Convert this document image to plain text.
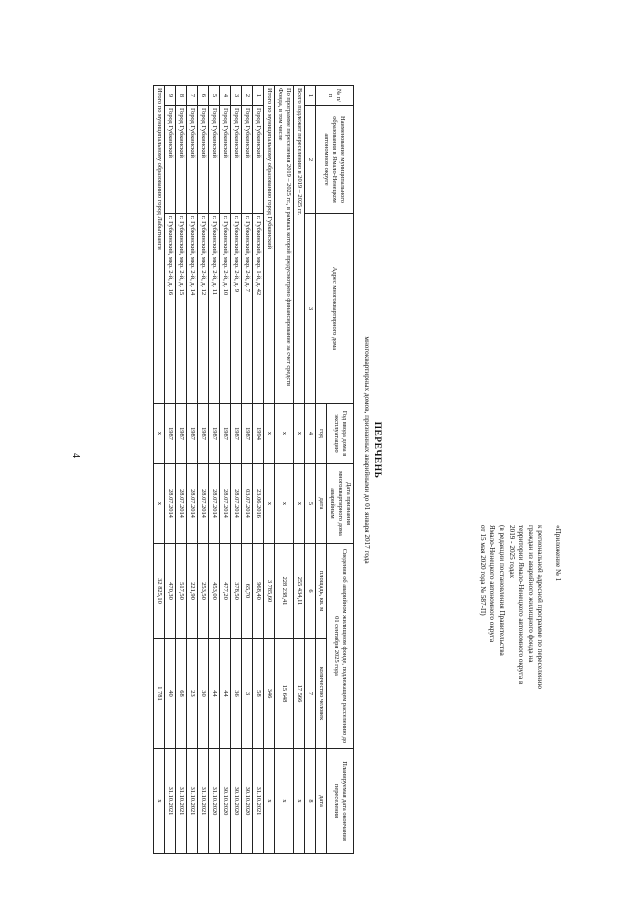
4
«Приложение № 1
к региональной адресной программе по переселению
граждан из аварийного жилищного фонда на
территории Ямало-Ненецкого автономного округа в
2019 - 2025 годах
(в редакции постановления Правительства
Ямало-Ненецкого автономного округа
от 15 мая 2020 года № 587-П)
ПЕРЕЧЕНЬ
многоквартирных домов, признанных аварийными до 01 января 2017 года
№ п/п	Наименование муниципального образования в Ямало-Ненецком автономном округе	Адрес многоквартирного дома	Год ввода дома в эксплуатацию	Дата признания многоквартирного дома аварийным	Сведения об аварийном жилищном фонде, подлежащем расселению до 01 сентября 2025 года		Планируемая дата окончания переселения
			год	дата	площадь, кв. м	количество человек	дата
1	2	3	4	5	6	7	8
Всего подлежит переселению в 2019 – 2025 гг.			x	x	255 434,11	17 566	x
По программе переселения 2019 – 2025 гг., в рамках которой предусмотрено финансирование за счет средств Фонда, в том числе			x	x	228 238,41	15 648	x
Итого по муниципальному образованию город Губкинский			x	x	3 785,60	346	x
1	Город Губкинский	г. Губкинский, мкр. 1-й, д. 42	1994	23.06.2016	968,40	58	31.10.2021
2	Город Губкинский	г. Губкинский, мкр. 2-й, д. 7	1987	03.07.2014	65,70	3	30.10.2020
3	Город Губкинский	г. Губкинский, мкр. 2-й, д. 9	1987	28.07.2014	378,50	36	30.10.2020
4	Город Губкинский	г. Губкинский, мкр. 2-й, д. 10	1987	28.07.2014	477,20	44	30.10.2020
5	Город Губкинский	г. Губкинский, мкр. 2-й, д. 11	1987	28.07.2014	453,00	44	31.10.2020
6	Город Губкинский	г. Губкинский, мкр. 2-й, д. 12	1987	28.07.2014	253,50	30	31.10.2021
7	Город Губкинский	г. Губкинский, мкр. 2-й, д. 14	1987	28.07.2014	221,90	23	31.10.2021
8	Город Губкинский	г. Губкинский, мкр. 2-й, д. 15	1987	28.07.2014	517,50	68	31.10.2021
9	Город Губкинский	г. Губкинский, мкр. 2-й, д. 16	1987	28.07.2014	470,30	40	31.10.2021
Итого по муниципальному образованию город Лабытнанги			x	x	32 825,10	1 781	x
